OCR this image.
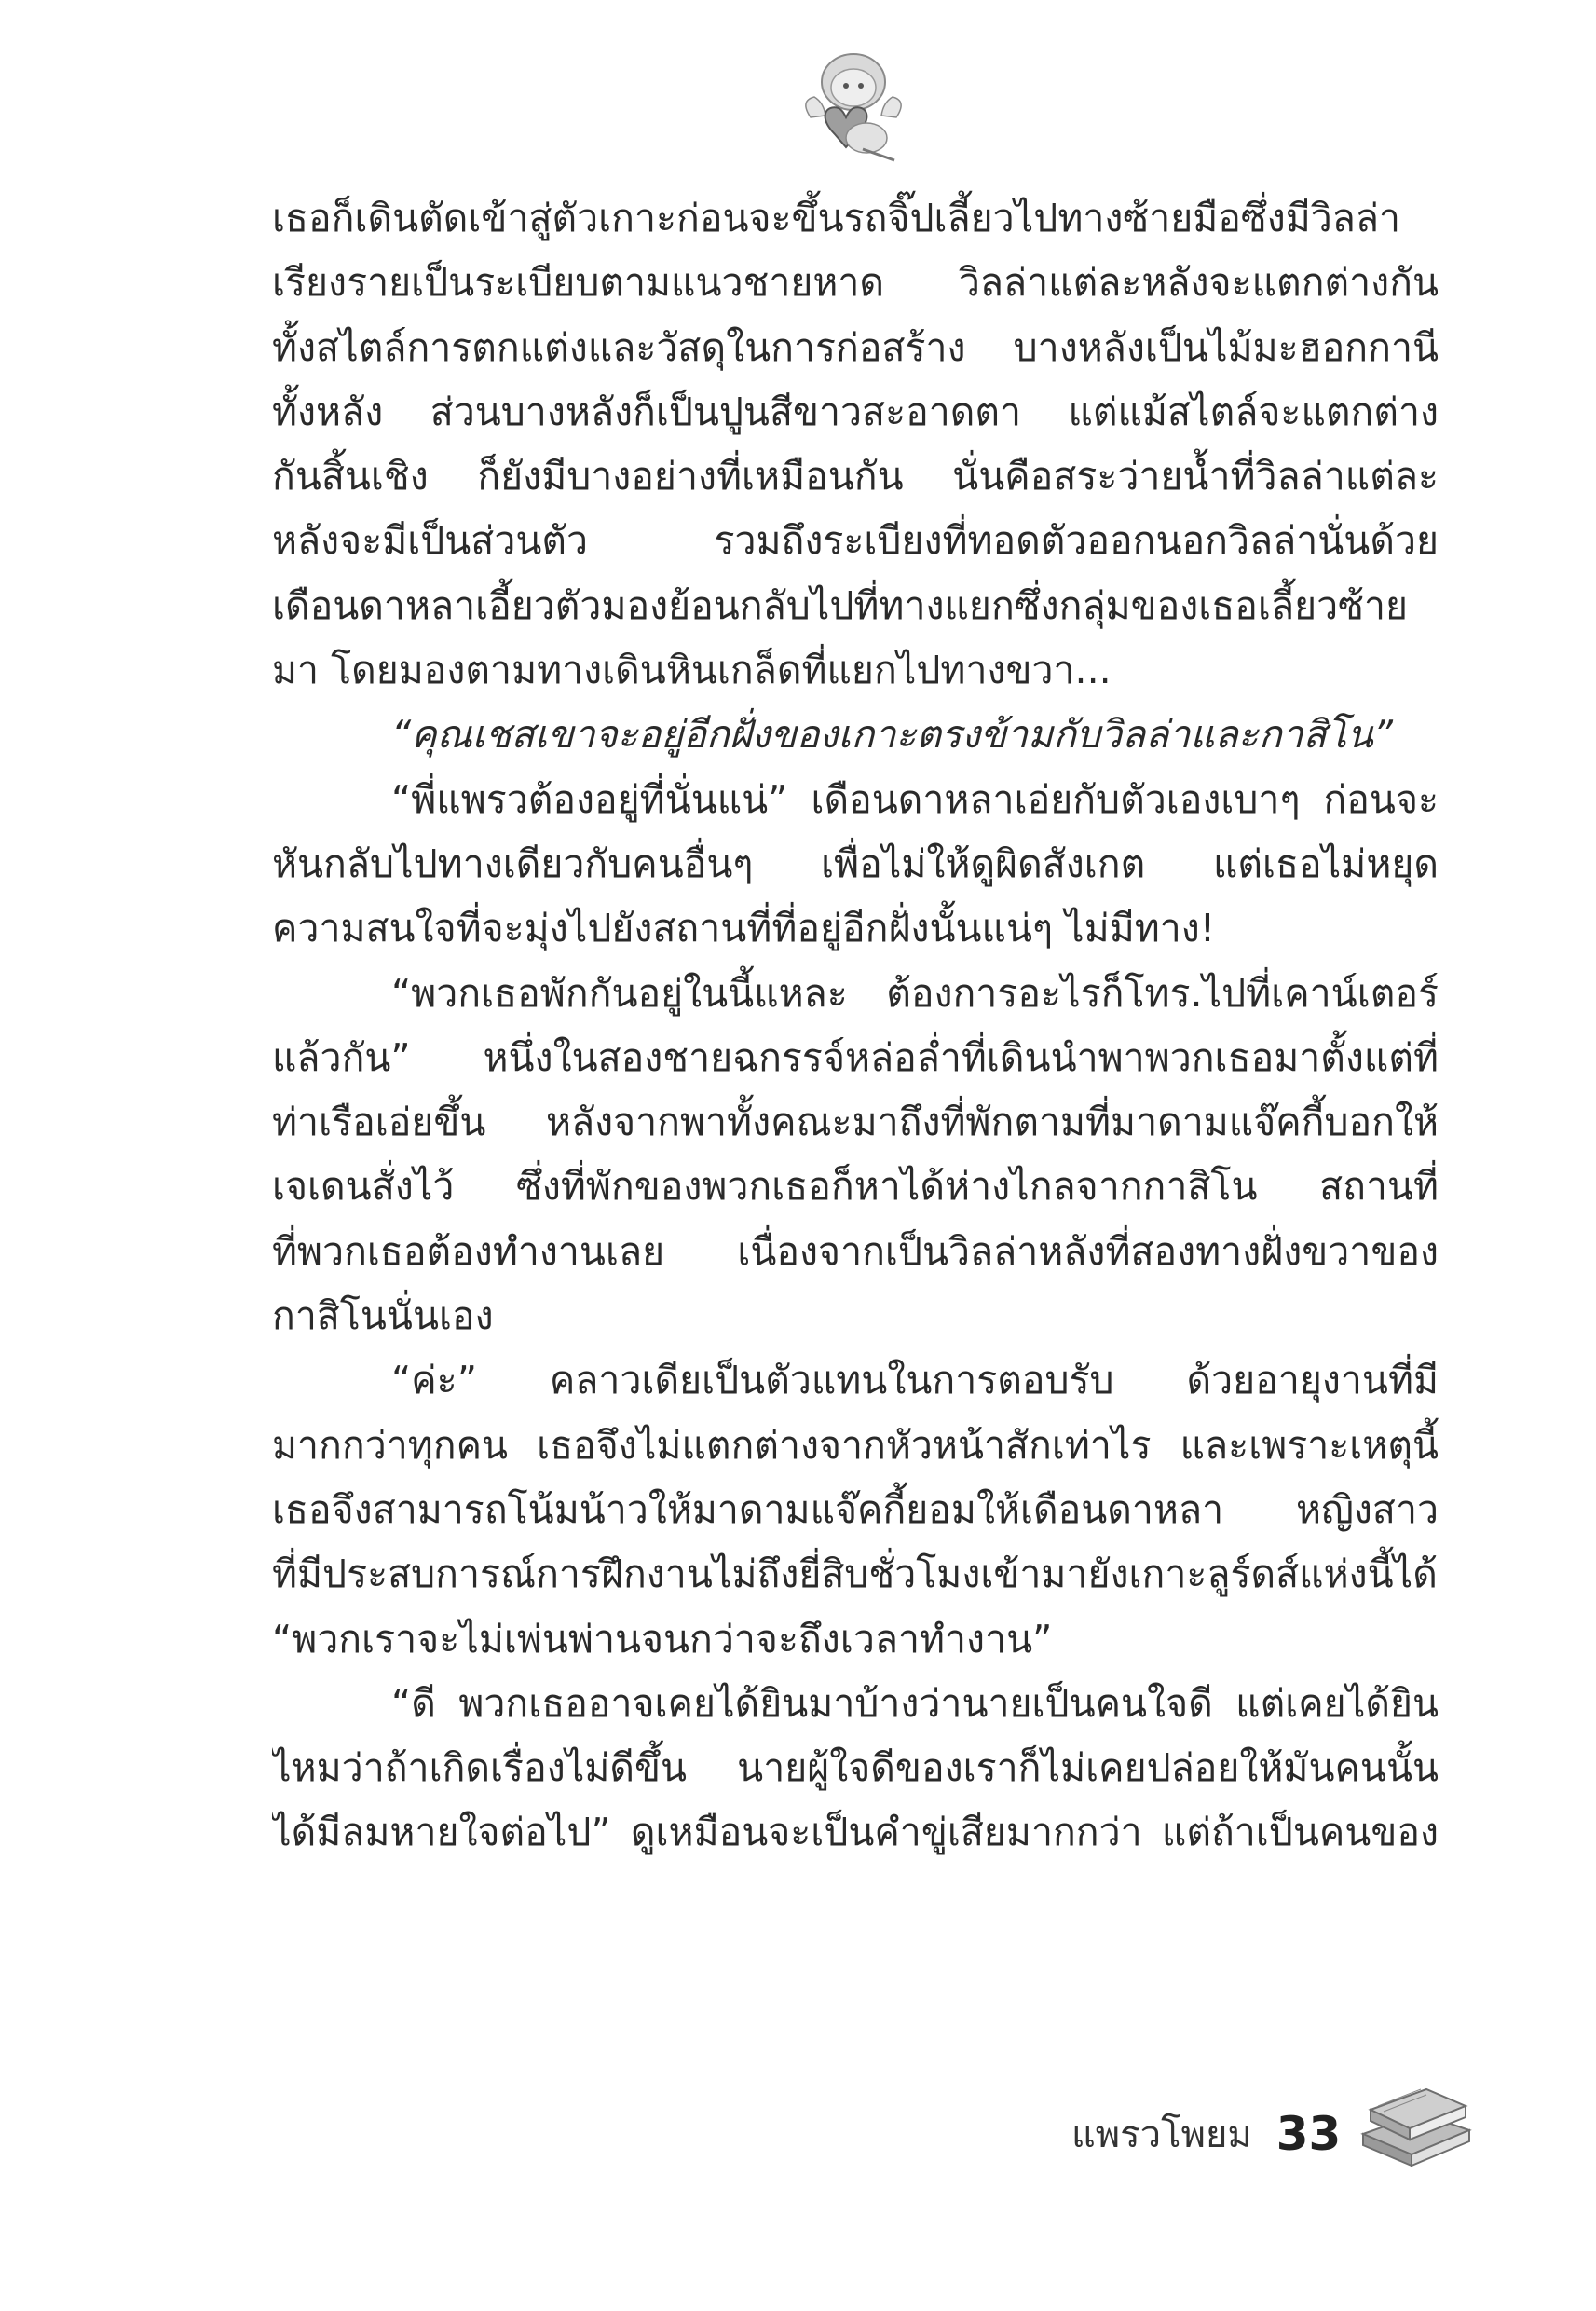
เธอก็เดินตัดเข้าสู่ตัวเกาะก่อนจะขึ้นรถจิ๊ปเลี้ยวไปทางซ้ายมือซึ่งมีวิลล่า
เรียงรายเป็นระเบียบตามแนวชายหาด วิลล่าแต่ละหลังจะแตกต่างกัน
ทั้งสไตล์การตกแต่งและวัสดุในการก่อสร้าง บางหลังเป็นไม้มะฮอกกานี
ทั้งหลัง ส่วนบางหลังก็เป็นปูนสีขาวสะอาดตา แต่แม้สไตล์จะแตกต่าง
กันสิ้นเชิง ก็ยังมีบางอย่างที่เหมือนกัน นั่นคือสระว่ายน้ำที่วิลล่าแต่ละ
หลังจะมีเป็นส่วนตัว รวมถึงระเบียงที่ทอดตัวออกนอกวิลล่านั่นด้วย
เดือนดาหลาเอี้ยวตัวมองย้อนกลับไปที่ทางแยกซึ่งกลุ่มของเธอเลี้ยวซ้าย
มา โดยมองตามทางเดินหินเกล็ดที่แยกไปทางขวา...
“คุณเชสเขาจะอยู่อีกฝั่งของเกาะตรงข้ามกับวิลล่าและกาสิโน”
“พี่แพรวต้องอยู่ที่นั่นแน่” เดือนดาหลาเอ่ยกับตัวเองเบาๆ ก่อนจะ
หันกลับไปทางเดียวกับคนอื่นๆ เพื่อไม่ให้ดูผิดสังเกต แต่เธอไม่หยุด
ความสนใจที่จะมุ่งไปยังสถานที่ที่อยู่อีกฝั่งนั้นแน่ๆ ไม่มีทาง!
“พวกเธอพักกันอยู่ในนี้แหละ ต้องการอะไรก็โทร.ไปที่เคาน์เตอร์
แล้วกัน” หนึ่งในสองชายฉกรรจ์หล่อล่ำที่เดินนำพาพวกเธอมาตั้งแต่ที่
ท่าเรือเอ่ยขึ้น หลังจากพาทั้งคณะมาถึงที่พักตามที่มาดามแจ๊คกี้บอกให้
เจเดนสั่งไว้ ซึ่งที่พักของพวกเธอก็หาได้ห่างไกลจากกาสิโน สถานที่
ที่พวกเธอต้องทำงานเลย เนื่องจากเป็นวิลล่าหลังที่สองทางฝั่งขวาของ
กาสิโนนั่นเอง
“ค่ะ” คลาวเดียเป็นตัวแทนในการตอบรับ ด้วยอายุงานที่มี
มากกว่าทุกคน เธอจึงไม่แตกต่างจากหัวหน้าสักเท่าไร และเพราะเหตุนี้
เธอจึงสามารถโน้มน้าวให้มาดามแจ๊คกี้ยอมให้เดือนดาหลา หญิงสาว
ที่มีประสบการณ์การฝึกงานไม่ถึงยี่สิบชั่วโมงเข้ามายังเกาะลูร์ดส์แห่งนี้ได้
“พวกเราจะไม่เพ่นพ่านจนกว่าจะถึงเวลาทำงาน”
“ดี พวกเธออาจเคยได้ยินมาบ้างว่านายเป็นคนใจดี แต่เคยได้ยิน
ไหมว่าถ้าเกิดเรื่องไม่ดีขึ้น นายผู้ใจดีของเราก็ไม่เคยปล่อยให้มันคนนั้น
ได้มีลมหายใจต่อไป” ดูเหมือนจะเป็นคำขู่เสียมากกว่า แต่ถ้าเป็นคนของ
แพรวโพยม 33
